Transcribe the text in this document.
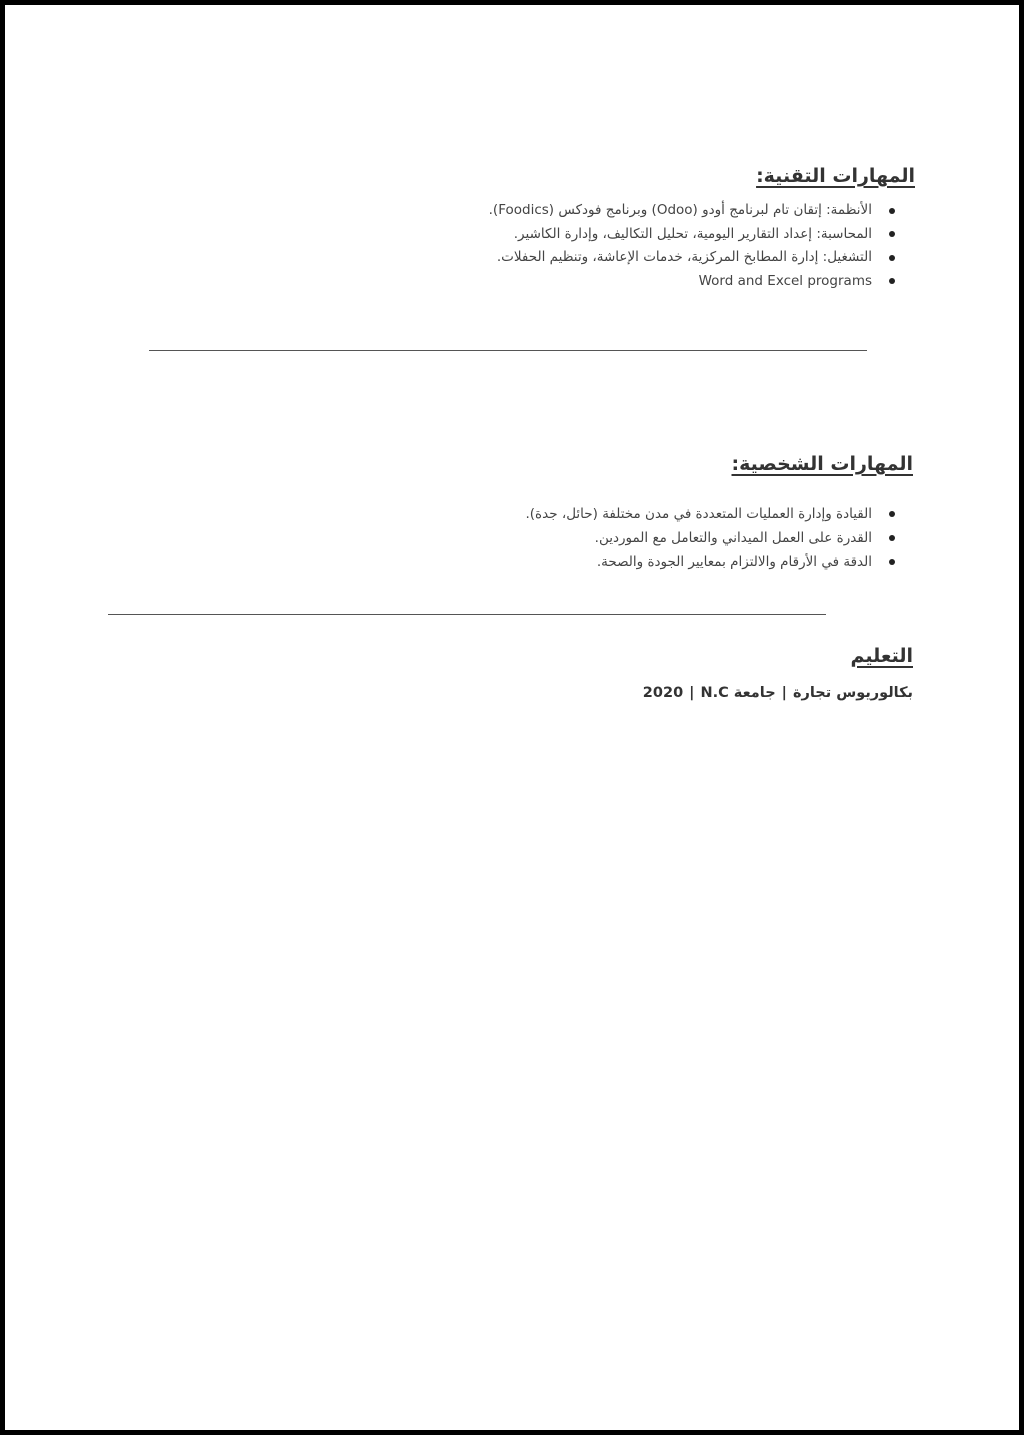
المهارات التقنية:
الأنظمة: إتقان تام لبرنامج أودو (Odoo) وبرنامج فودكس (Foodics).
المحاسبة: إعداد التقارير اليومية، تحليل التكاليف، وإدارة الكاشير.
التشغيل: إدارة المطابخ المركزية، خدمات الإعاشة، وتنظيم الحفلات.
Word and Excel programs
المهارات الشخصية:
القيادة وإدارة العمليات المتعددة في مدن مختلفة (حائل، جدة).
القدرة على العمل الميداني والتعامل مع الموردين.
الدقة في الأرقام والالتزام بمعايير الجودة والصحة.
التعليم
بكالوريوس تجارة|جامعة N.C|2020
